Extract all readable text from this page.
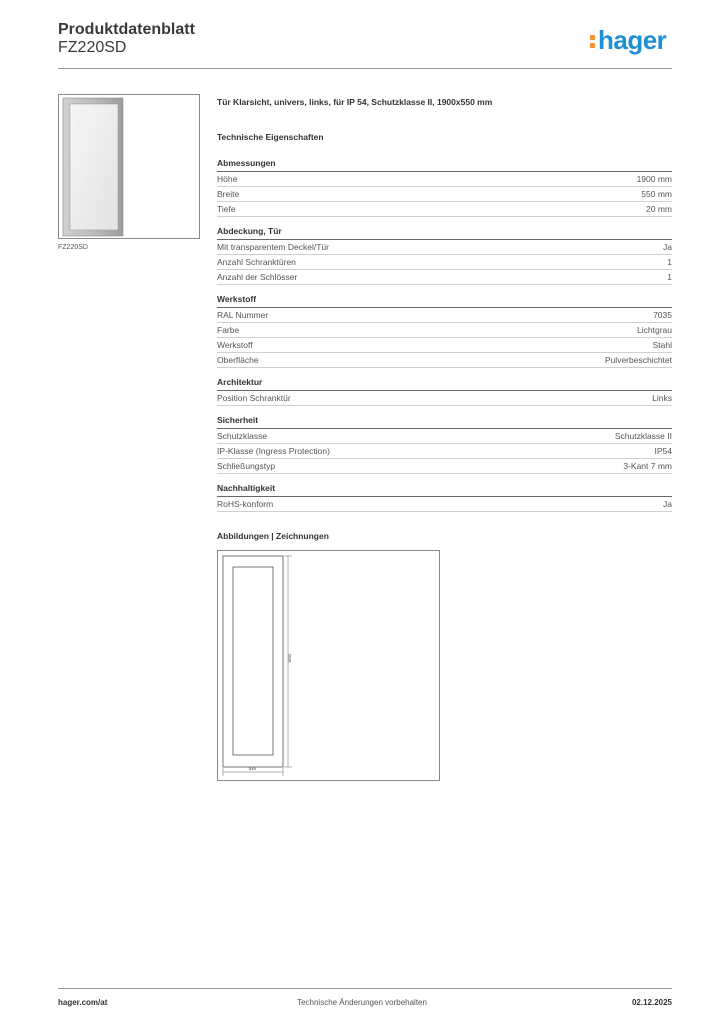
Produktdatenblatt
FZ220SD	hager
FZ220SD
Tür Klarsicht, univers, links, für IP 54, Schutzklasse II, 1900x550 mm
Technische Eigenschaften
Abmessungen
Höhe	1900 mm
Breite	550 mm
Tiefe	20 mm
Abdeckung, Tür
Mit transparentem Deckel/Tür	Ja
Anzahl Schranktüren	1
Anzahl der Schlösser	1
Werkstoff
RAL Nummer	7035
Farbe	Lichtgrau
Werkstoff	Stahl
Oberfläche	Pulverbeschichtet
Architektur
Position Schranktür	Links
Sicherheit
Schutzklasse	Schutzklasse II
IP-Klasse (Ingress Protection)	IP54
Schließungstyp	3-Kant 7 mm
Nachhaltigkeit
RoHS-konform	Ja
Abbildungen | Zeichnungen
1890
548
hager.com/at	Technische Änderungen vorbehalten	02.12.2025
